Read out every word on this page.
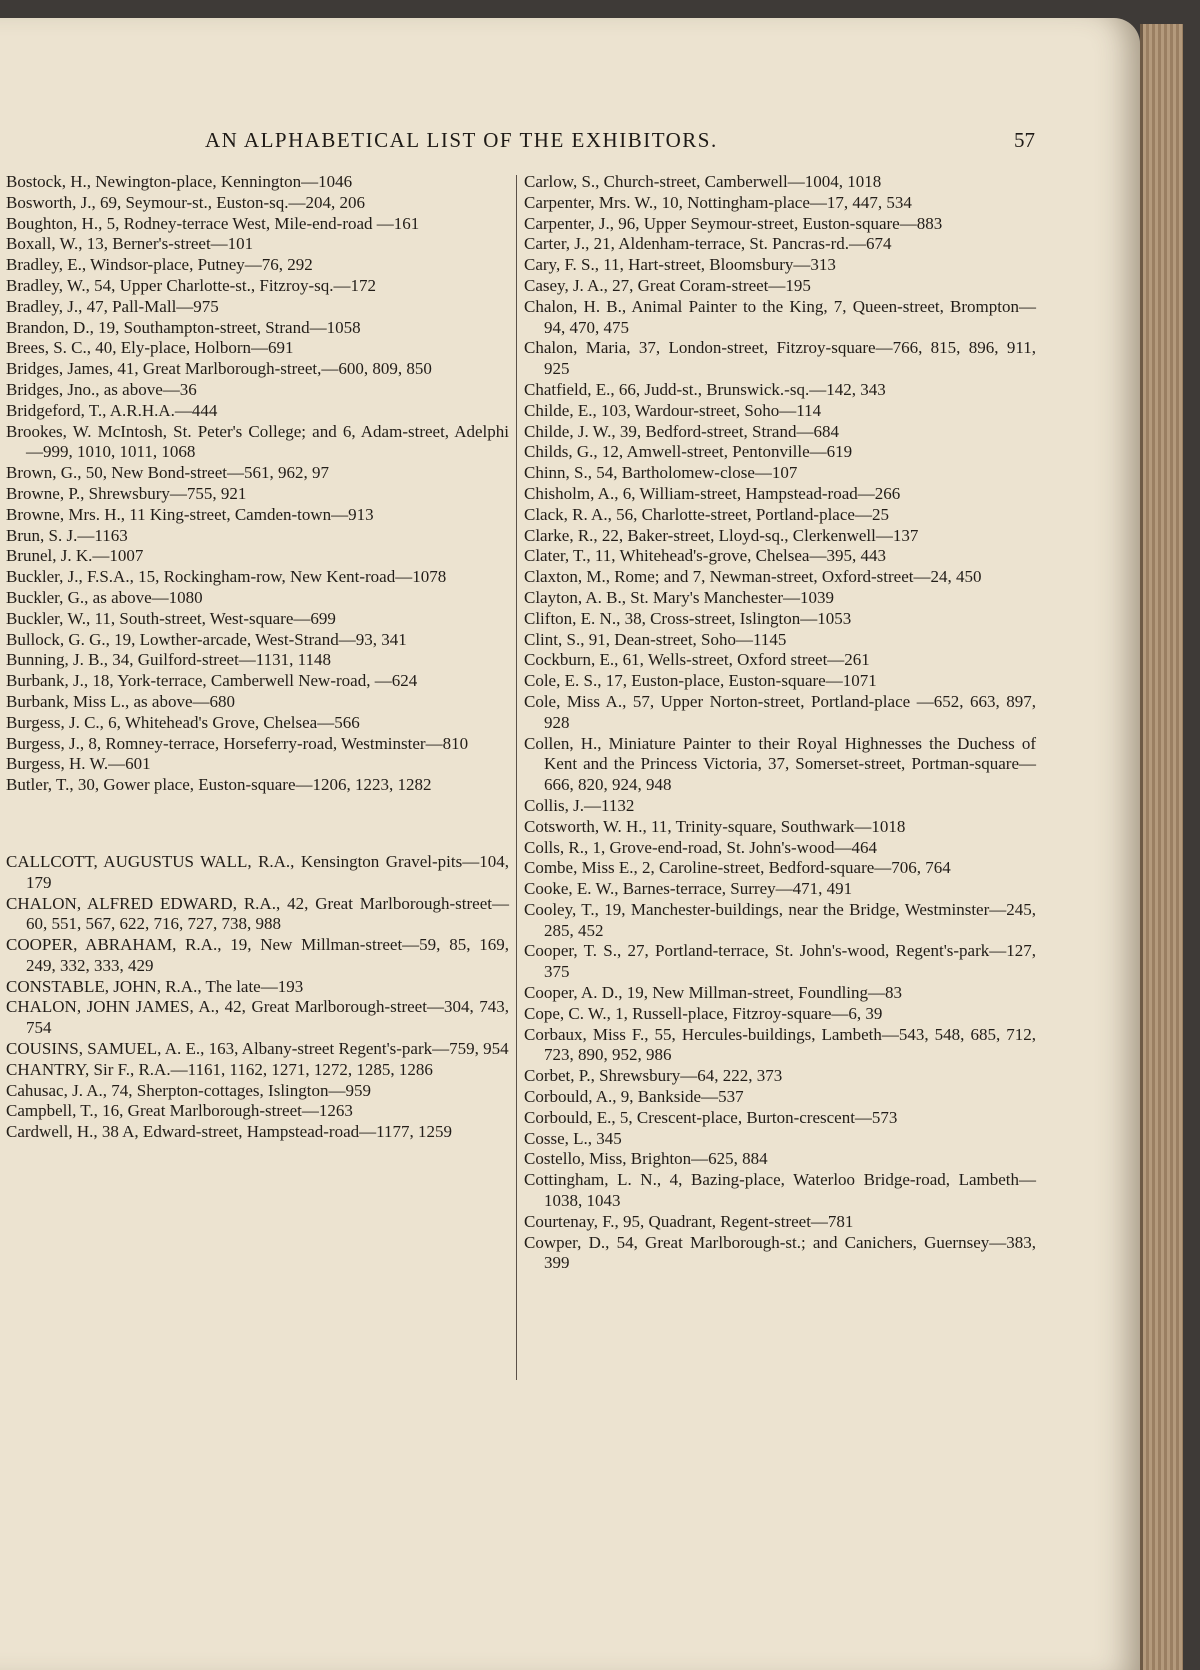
AN ALPHABETICAL LIST OF THE EXHIBITORS.	57

Bostock, H., Newington-place, Kennington—1046

Bosworth, J., 69, Seymour-st., Euston-sq.—204, 206

Boughton, H., 5, Rodney-terrace West, Mile-end-road —161

Boxall, W., 13, Berner's-street—101

Bradley, E., Windsor-place, Putney—76, 292

Bradley, W., 54, Upper Charlotte-st., Fitzroy-sq.—172

Bradley, J., 47, Pall-Mall—975

Brandon, D., 19, Southampton-street, Strand—1058

Brees, S. C., 40, Ely-place, Holborn—691

Bridges, James, 41, Great Marlborough-street,—600, 809, 850

Bridges, Jno., as above—36

Bridgeford, T., A.R.H.A.—444

Brookes, W. McIntosh, St. Peter's College; and 6, Adam-street, Adelphi—999, 1010, 1011, 1068

Brown, G., 50, New Bond-street—561, 962, 97

Browne, P., Shrewsbury—755, 921

Browne, Mrs. H., 11 King-street, Camden-town—913

Brun, S. J.—1163

Brunel, J. K.—1007

Buckler, J., F.S.A., 15, Rockingham-row, New Kent-road—1078

Buckler, G., as above—1080

Buckler, W., 11, South-street, West-square—699

Bullock, G. G., 19, Lowther-arcade, West-Strand—93, 341

Bunning, J. B., 34, Guilford-street—1131, 1148

Burbank, J., 18, York-terrace, Camberwell New-road, —624

Burbank, Miss L., as above—680

Burgess, J. C., 6, Whitehead's Grove, Chelsea—566

Burgess, J., 8, Romney-terrace, Horseferry-road, Westminster—810

Burgess, H. W.—601

Butler, T., 30, Gower place, Euston-square—1206, 1223, 1282

CALLCOTT, AUGUSTUS WALL, R.A., Kensington Gravel-pits—104, 179

CHALON, ALFRED EDWARD, R.A., 42, Great Marlborough-street—60, 551, 567, 622, 716, 727, 738, 988

COOPER, ABRAHAM, R.A., 19, New Millman-street—59, 85, 169, 249, 332, 333, 429

CONSTABLE, JOHN, R.A., The late—193

CHALON, JOHN JAMES, A., 42, Great Marlborough-street—304, 743, 754

COUSINS, SAMUEL, A. E., 163, Albany-street Regent's-park—759, 954

CHANTRY, Sir F., R.A.—1161, 1162, 1271, 1272, 1285, 1286

Cahusac, J. A., 74, Sherpton-cottages, Islington—959

Campbell, T., 16, Great Marlborough-street—1263

Cardwell, H., 38 A, Edward-street, Hampstead-road—1177, 1259

Carlow, S., Church-street, Camberwell—1004, 1018

Carpenter, Mrs. W., 10, Nottingham-place—17, 447, 534

Carpenter, J., 96, Upper Seymour-street, Euston-square—883

Carter, J., 21, Aldenham-terrace, St. Pancras-rd.—674

Cary, F. S., 11, Hart-street, Bloomsbury—313

Casey, J. A., 27, Great Coram-street—195

Chalon, H. B., Animal Painter to the King, 7, Queen-street, Brompton—94, 470, 475

Chalon, Maria, 37, London-street, Fitzroy-square—766, 815, 896, 911, 925

Chatfield, E., 66, Judd-st., Brunswick.-sq.—142, 343

Childe, E., 103, Wardour-street, Soho—114

Childe, J. W., 39, Bedford-street, Strand—684

Childs, G., 12, Amwell-street, Pentonville—619

Chinn, S., 54, Bartholomew-close—107

Chisholm, A., 6, William-street, Hampstead-road—266

Clack, R. A., 56, Charlotte-street, Portland-place—25

Clarke, R., 22, Baker-street, Lloyd-sq., Clerkenwell—137

Clater, T., 11, Whitehead's-grove, Chelsea—395, 443

Claxton, M., Rome; and 7, Newman-street, Oxford-street—24, 450

Clayton, A. B., St. Mary's Manchester—1039

Clifton, E. N., 38, Cross-street, Islington—1053

Clint, S., 91, Dean-street, Soho—1145

Cockburn, E., 61, Wells-street, Oxford street—261

Cole, E. S., 17, Euston-place, Euston-square—1071

Cole, Miss A., 57, Upper Norton-street, Portland-place —652, 663, 897, 928

Collen, H., Miniature Painter to their Royal Highnesses the Duchess of Kent and the Princess Victoria, 37, Somerset-street, Portman-square—666, 820, 924, 948

Collis, J.—1132

Cotsworth, W. H., 11, Trinity-square, Southwark—1018

Colls, R., 1, Grove-end-road, St. John's-wood—464

Combe, Miss E., 2, Caroline-street, Bedford-square—706, 764

Cooke, E. W., Barnes-terrace, Surrey—471, 491

Cooley, T., 19, Manchester-buildings, near the Bridge, Westminster—245, 285, 452

Cooper, T. S., 27, Portland-terrace, St. John's-wood, Regent's-park—127, 375

Cooper, A. D., 19, New Millman-street, Foundling—83

Cope, C. W., 1, Russell-place, Fitzroy-square—6, 39

Corbaux, Miss F., 55, Hercules-buildings, Lambeth—543, 548, 685, 712, 723, 890, 952, 986

Corbet, P., Shrewsbury—64, 222, 373

Corbould, A., 9, Bankside—537

Corbould, E., 5, Crescent-place, Burton-crescent—573

Cosse, L., 345

Costello, Miss, Brighton—625, 884

Cottingham, L. N., 4, Bazing-place, Waterloo Bridge-road, Lambeth—1038, 1043

Courtenay, F., 95, Quadrant, Regent-street—781

Cowper, D., 54, Great Marlborough-st.; and Canichers, Guernsey—383, 399
